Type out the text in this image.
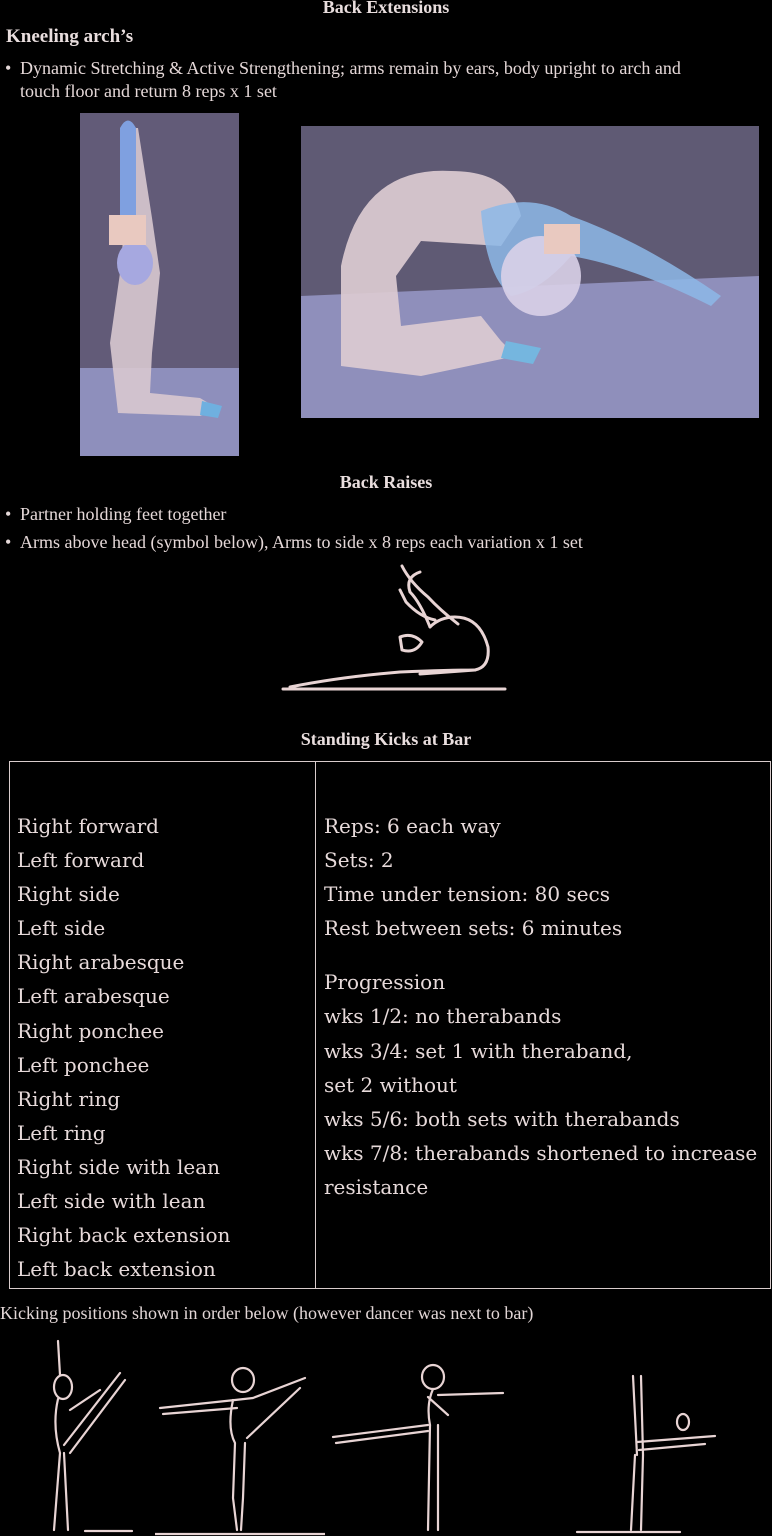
Back Extensions
Kneeling arch’s
• Dynamic Stretching & Active Strengthening; arms remain by ears, body upright to arch and
touch floor and return 8 reps x 1 set
Back Raises
• Partner holding feet together
• Arms above head (symbol below), Arms to side x 8 reps each variation x 1 set
Standing Kicks at Bar
Right forward
Left forward
Right side
Left side
Right arabesque
Left arabesque
Right ponchee
Left ponchee
Right ring
Left ring
Right side with lean
Left side with lean
Right back extension
Left back extension

Reps: 6 each way
Sets: 2
Time under tension: 80 secs
Rest between sets: 6 minutes
Progression
wks 1/2: no therabands
wks 3/4: set 1 with theraband,
set 2 without
wks 5/6: both sets with therabands
wks 7/8: therabands shortened to increase
resistance
Kicking positions shown in order below (however dancer was next to bar)
